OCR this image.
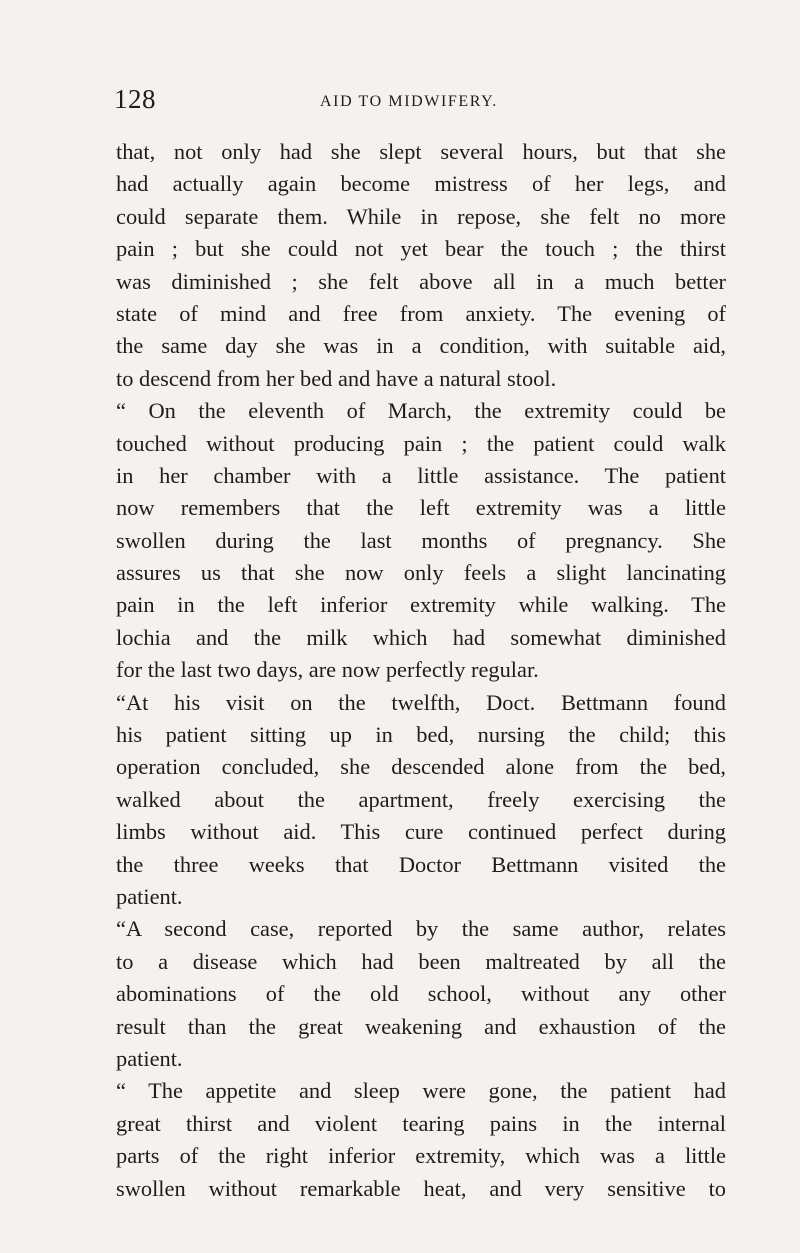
128	AID TO MIDWIFERY.
that, not only had she slept several hours, but that she
had actually again become mistress of her legs, and
could separate them. While in repose, she felt no more
pain ; but she could not yet bear the touch ; the thirst
was diminished ; she felt above all in a much better
state of mind and free from anxiety. The evening of
the same day she was in a condition, with suitable aid,
to descend from her bed and have a natural stool.
“ On the eleventh of March, the extremity could be
touched without producing pain ; the patient could walk
in her chamber with a little assistance. The patient
now remembers that the left extremity was a little
swollen during the last months of pregnancy. She
assures us that she now only feels a slight lancinating
pain in the left inferior extremity while walking. The
lochia and the milk which had somewhat diminished
for the last two days, are now perfectly regular.
“At his visit on the twelfth, Doct. Bettmann found
his patient sitting up in bed, nursing the child; this
operation concluded, she descended alone from the bed,
walked about the apartment, freely exercising the
limbs without aid. This cure continued perfect during
the three weeks that Doctor Bettmann visited the
patient.
“A second case, reported by the same author, relates
to a disease which had been maltreated by all the
abominations of the old school, without any other
result than the great weakening and exhaustion of the
patient.
“ The appetite and sleep were gone, the patient had
great thirst and violent tearing pains in the internal
parts of the right inferior extremity, which was a little
swollen without remarkable heat, and very sensitive to
